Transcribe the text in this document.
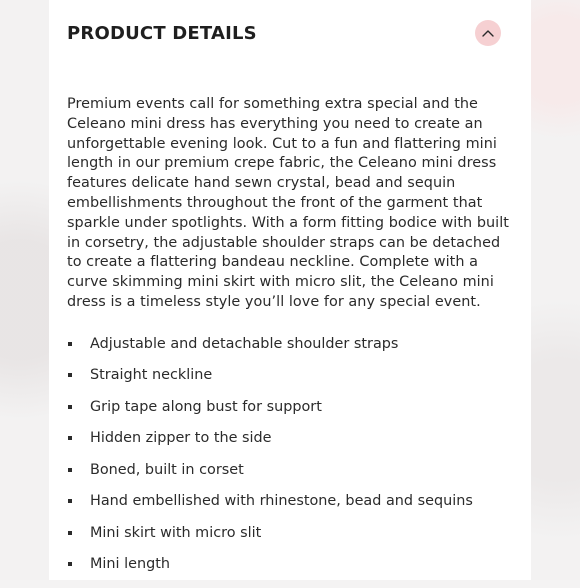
PRODUCT DETAILS
Premium events call for something extra special and the Celeano mini dress has everything you need to create an unforgettable evening look. Cut to a fun and flattering mini length in our premium crepe fabric, the Celeano mini dress features delicate hand sewn crystal, bead and sequin embellishments throughout the front of the garment that sparkle under spotlights. With a form fitting bodice with built in corsetry, the adjustable shoulder straps can be detached to create a flattering bandeau neckline. Complete with a curve skimming mini skirt with micro slit, the Celeano mini dress is a timeless style you’ll love for any special event.
Adjustable and detachable shoulder straps
Straight neckline
Grip tape along bust for support
Hidden zipper to the side
Boned, built in corset
Hand embellished with rhinestone, bead and sequins
Mini skirt with micro slit
Mini length
